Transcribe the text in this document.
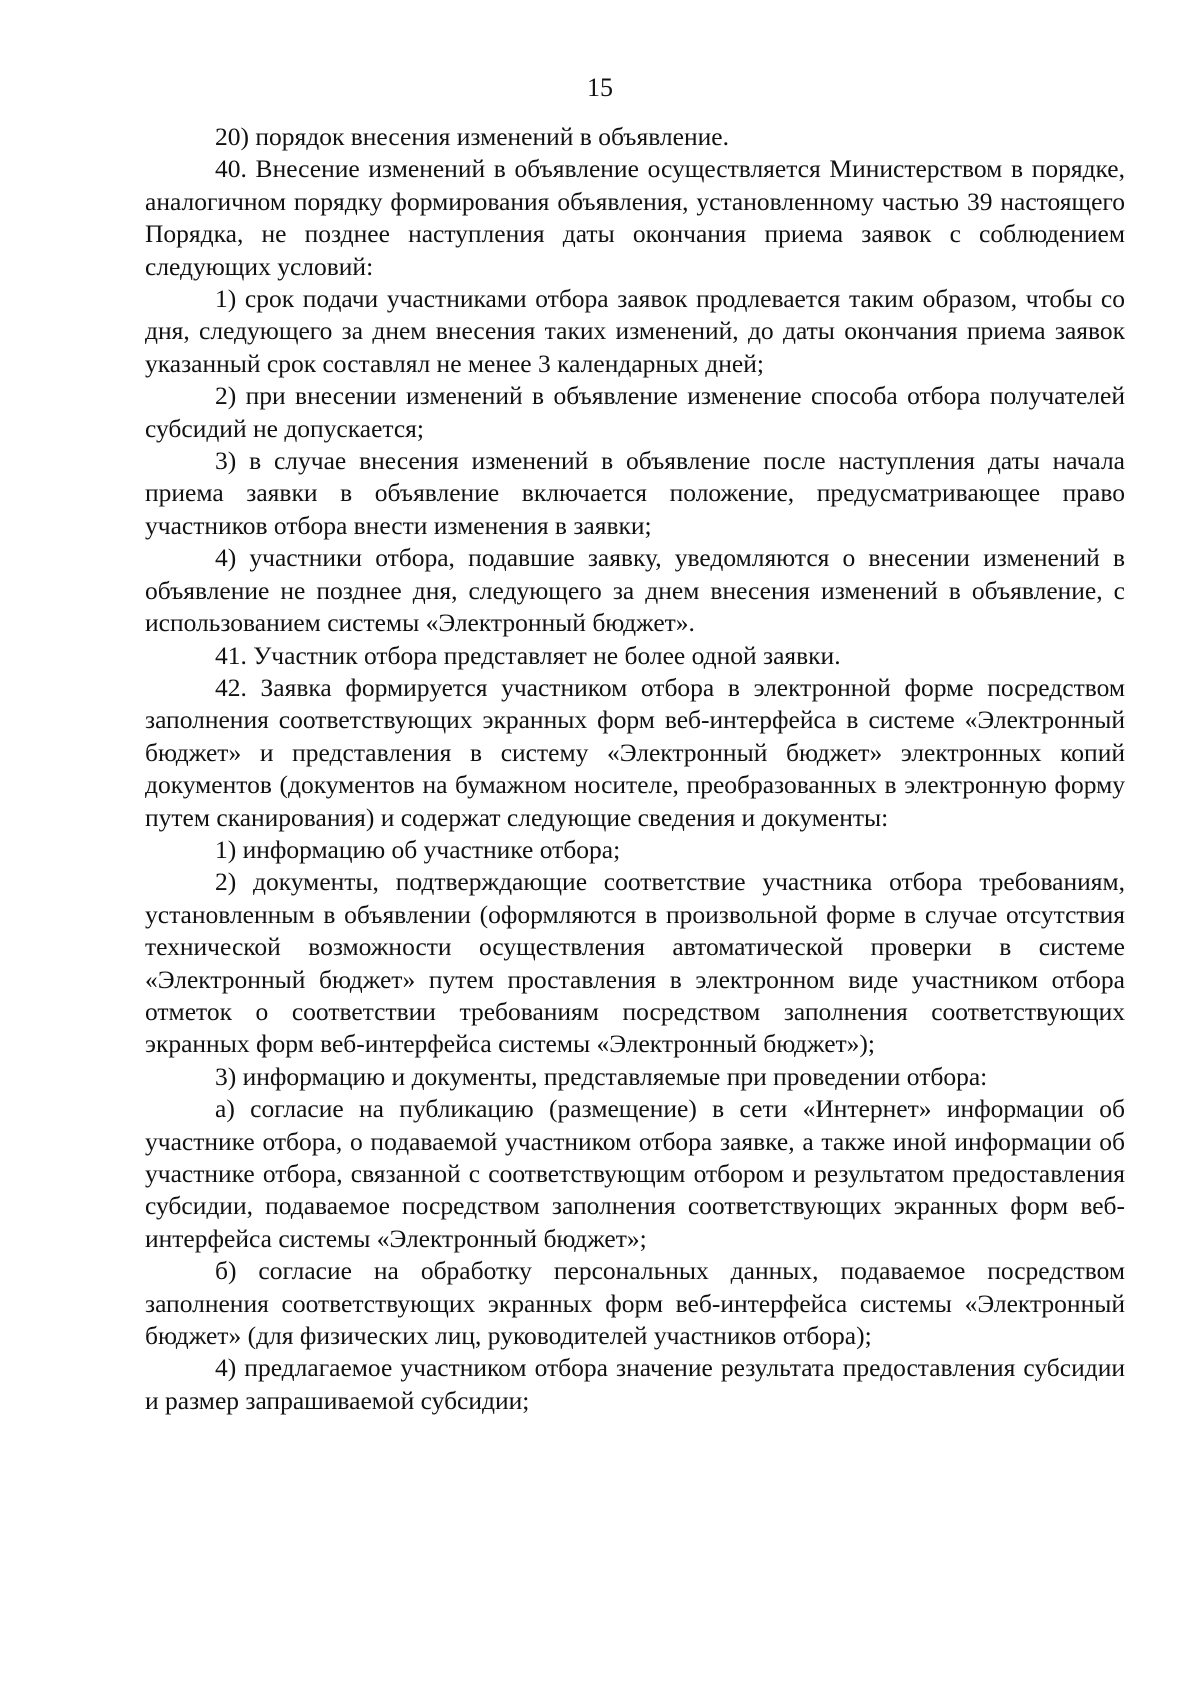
15

20) порядок внесения изменений в объявление.

40. Внесение изменений в объявление осуществляется Министерством в порядке, аналогичном порядку формирования объявления, установленному частью 39 настоящего Порядка, не позднее наступления даты окончания приема заявок с соблюдением следующих условий:

1) срок подачи участниками отбора заявок продлевается таким образом, чтобы со дня, следующего за днем внесения таких изменений, до даты окончания приема заявок указанный срок составлял не менее 3 календарных дней;

2) при внесении изменений в объявление изменение способа отбора получателей субсидий не допускается;

3) в случае внесения изменений в объявление после наступления даты начала приема заявки в объявление включается положение, предусматривающее право участников отбора внести изменения в заявки;

4) участники отбора, подавшие заявку, уведомляются о внесении изменений в объявление не позднее дня, следующего за днем внесения изменений в объявление, с использованием системы «Электронный бюджет».

41. Участник отбора представляет не более одной заявки.

42. Заявка формируется участником отбора в электронной форме посредством заполнения соответствующих экранных форм веб-интерфейса в системе «Электронный бюджет» и представления в систему «Электронный бюджет» электронных копий документов (документов на бумажном носителе, преобразованных в электронную форму путем сканирования) и содержат следующие сведения и документы:

1) информацию об участнике отбора;

2) документы, подтверждающие соответствие участника отбора требованиям, установленным в объявлении (оформляются в произвольной форме в случае отсутствия технической возможности осуществления автоматической проверки в системе «Электронный бюджет» путем проставления в электронном виде участником отбора отметок о соответствии требованиям посредством заполнения соответствующих экранных форм веб-интерфейса системы «Электронный бюджет»);

3) информацию и документы, представляемые при проведении отбора:

а) согласие на публикацию (размещение) в сети «Интернет» информации об участнике отбора, о подаваемой участником отбора заявке, а также иной информации об участнике отбора, связанной с соответствующим отбором и результатом предоставления субсидии, подаваемое посредством заполнения соответствующих экранных форм веб-интерфейса системы «Электронный бюджет»;

б) согласие на обработку персональных данных, подаваемое посредством заполнения соответствующих экранных форм веб-интерфейса системы «Электронный бюджет» (для физических лиц, руководителей участников отбора);

4) предлагаемое участником отбора значение результата предоставления субсидии и размер запрашиваемой субсидии;
